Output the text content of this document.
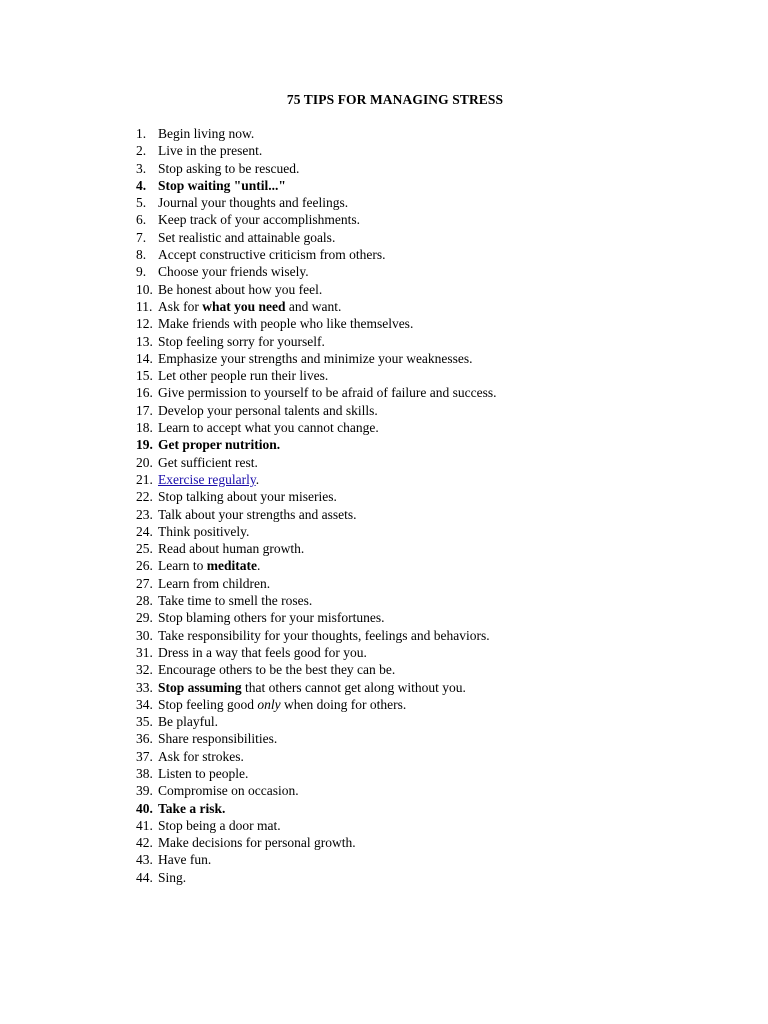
75 TIPS FOR MANAGING STRESS
1. Begin living now.
2. Live in the present.
3. Stop asking to be rescued.
4. Stop waiting "until..."
5. Journal your thoughts and feelings.
6. Keep track of your accomplishments.
7. Set realistic and attainable goals.
8. Accept constructive criticism from others.
9. Choose your friends wisely.
10. Be honest about how you feel.
11. Ask for what you need and want.
12. Make friends with people who like themselves.
13. Stop feeling sorry for yourself.
14. Emphasize your strengths and minimize your weaknesses.
15. Let other people run their lives.
16. Give permission to yourself to be afraid of failure and success.
17. Develop your personal talents and skills.
18. Learn to accept what you cannot change.
19. Get proper nutrition.
20. Get sufficient rest.
21. Exercise regularly.
22. Stop talking about your miseries.
23. Talk about your strengths and assets.
24. Think positively.
25. Read about human growth.
26. Learn to meditate.
27. Learn from children.
28. Take time to smell the roses.
29. Stop blaming others for your misfortunes.
30. Take responsibility for your thoughts, feelings and behaviors.
31. Dress in a way that feels good for you.
32. Encourage others to be the best they can be.
33. Stop assuming that others cannot get along without you.
34. Stop feeling good only when doing for others.
35. Be playful.
36. Share responsibilities.
37. Ask for strokes.
38. Listen to people.
39. Compromise on occasion.
40. Take a risk.
41. Stop being a door mat.
42. Make decisions for personal growth.
43. Have fun.
44. Sing.
